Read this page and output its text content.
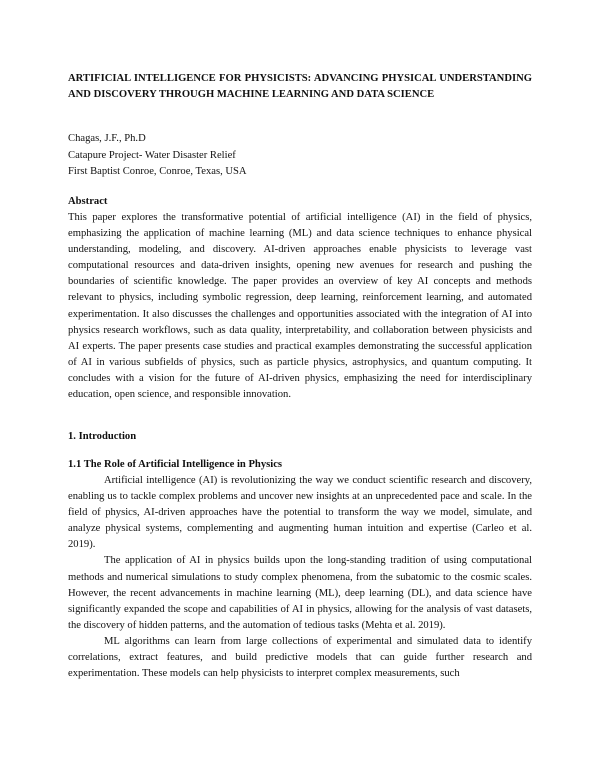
ARTIFICIAL INTELLIGENCE FOR PHYSICISTS: ADVANCING PHYSICAL UNDERSTANDING AND DISCOVERY THROUGH MACHINE LEARNING AND DATA SCIENCE
Chagas, J.F., Ph.D
Catapure Project- Water Disaster Relief
First Baptist Conroe, Conroe, Texas, USA
Abstract
This paper explores the transformative potential of artificial intelligence (AI) in the field of physics, emphasizing the application of machine learning (ML) and data science techniques to enhance physical understanding, modeling, and discovery. AI-driven approaches enable physicists to leverage vast computational resources and data-driven insights, opening new avenues for research and pushing the boundaries of scientific knowledge. The paper provides an overview of key AI concepts and methods relevant to physics, including symbolic regression, deep learning, reinforcement learning, and automated experimentation. It also discusses the challenges and opportunities associated with the integration of AI into physics research workflows, such as data quality, interpretability, and collaboration between physicists and AI experts. The paper presents case studies and practical examples demonstrating the successful application of AI in various subfields of physics, such as particle physics, astrophysics, and quantum computing. It concludes with a vision for the future of AI-driven physics, emphasizing the need for interdisciplinary education, open science, and responsible innovation.
1. Introduction
1.1 The Role of Artificial Intelligence in Physics

Artificial intelligence (AI) is revolutionizing the way we conduct scientific research and discovery, enabling us to tackle complex problems and uncover new insights at an unprecedented pace and scale. In the field of physics, AI-driven approaches have the potential to transform the way we model, simulate, and analyze physical systems, complementing and augmenting human intuition and expertise (Carleo et al. 2019).

The application of AI in physics builds upon the long-standing tradition of using computational methods and numerical simulations to study complex phenomena, from the subatomic to the cosmic scales. However, the recent advancements in machine learning (ML), deep learning (DL), and data science have significantly expanded the scope and capabilities of AI in physics, allowing for the analysis of vast datasets, the discovery of hidden patterns, and the automation of tedious tasks (Mehta et al. 2019).

ML algorithms can learn from large collections of experimental and simulated data to identify correlations, extract features, and build predictive models that can guide further research and experimentation. These models can help physicists to interpret complex measurements, such
